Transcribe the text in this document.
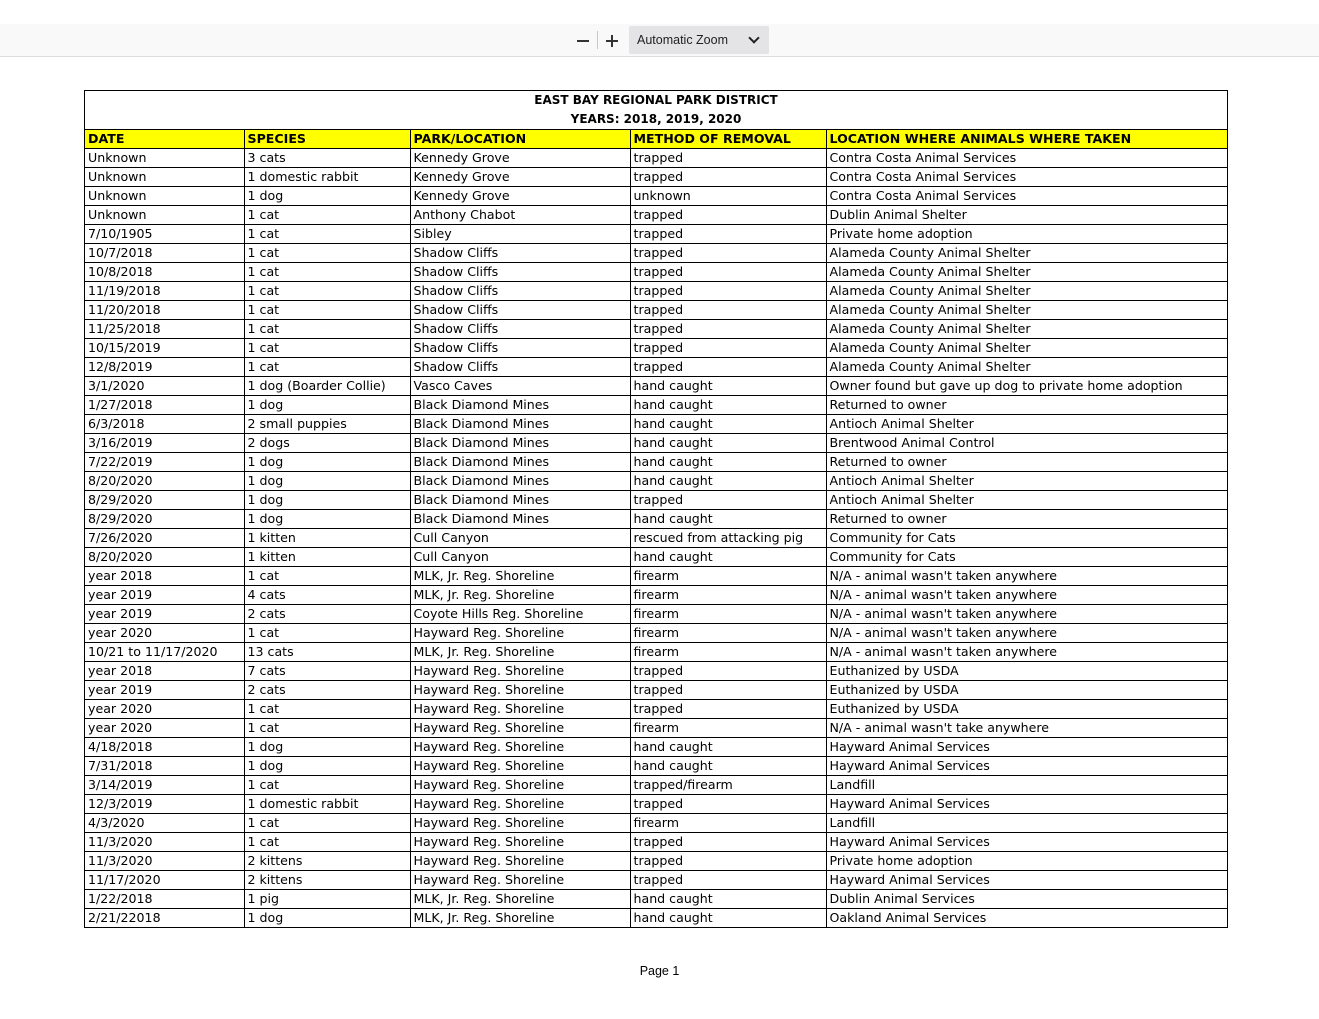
Automatic Zoom
EAST BAY REGIONAL PARK DISTRICT
YEARS: 2018, 2019, 2020
DATE	SPECIES	PARK/LOCATION	METHOD OF REMOVAL	LOCATION WHERE ANIMALS WHERE TAKEN
Unknown	3 cats	Kennedy Grove	trapped	Contra Costa Animal Services
Unknown	1 domestic rabbit	Kennedy Grove	trapped	Contra Costa Animal Services
Unknown	1 dog	Kennedy Grove	unknown	Contra Costa Animal Services
Unknown	1 cat	Anthony Chabot	trapped	Dublin Animal Shelter
7/10/1905	1 cat	Sibley	trapped	Private home adoption
10/7/2018	1 cat	Shadow Cliffs	trapped	Alameda County Animal Shelter
10/8/2018	1 cat	Shadow Cliffs	trapped	Alameda County Animal Shelter
11/19/2018	1 cat	Shadow Cliffs	trapped	Alameda County Animal Shelter
11/20/2018	1 cat	Shadow Cliffs	trapped	Alameda County Animal Shelter
11/25/2018	1 cat	Shadow Cliffs	trapped	Alameda County Animal Shelter
10/15/2019	1 cat	Shadow Cliffs	trapped	Alameda County Animal Shelter
12/8/2019	1 cat	Shadow Cliffs	trapped	Alameda County Animal Shelter
3/1/2020	1 dog (Boarder Collie)	Vasco Caves	hand caught	Owner found but gave up dog to private home adoption
1/27/2018	1 dog	Black Diamond Mines	hand caught	Returned to owner
6/3/2018	2 small puppies	Black Diamond Mines	hand caught	Antioch Animal Shelter
3/16/2019	2 dogs	Black Diamond Mines	hand caught	Brentwood Animal Control
7/22/2019	1 dog	Black Diamond Mines	hand caught	Returned to owner
8/20/2020	1 dog	Black Diamond Mines	hand caught	Antioch Animal Shelter
8/29/2020	1 dog	Black Diamond Mines	trapped	Antioch Animal Shelter
8/29/2020	1 dog	Black Diamond Mines	hand caught	Returned to owner
7/26/2020	1 kitten	Cull Canyon	rescued from attacking pig	Community for Cats
8/20/2020	1 kitten	Cull Canyon	hand caught	Community for Cats
year 2018	1 cat	MLK, Jr. Reg. Shoreline	firearm	N/A - animal wasn't taken anywhere
year 2019	4 cats	MLK, Jr. Reg. Shoreline	firearm	N/A - animal wasn't taken anywhere
year 2019	2 cats	Coyote Hills Reg. Shoreline	firearm	N/A - animal wasn't taken anywhere
year 2020	1 cat	Hayward Reg. Shoreline	firearm	N/A - animal wasn't taken anywhere
10/21 to 11/17/2020	13 cats	MLK, Jr. Reg. Shoreline	firearm	N/A - animal wasn't taken anywhere
year 2018	7 cats	Hayward Reg. Shoreline	trapped	Euthanized by USDA
year 2019	2 cats	Hayward Reg. Shoreline	trapped	Euthanized by USDA
year 2020	1 cat	Hayward Reg. Shoreline	trapped	Euthanized by USDA
year 2020	1 cat	Hayward Reg. Shoreline	firearm	N/A - animal wasn't take anywhere
4/18/2018	1 dog	Hayward Reg. Shoreline	hand caught	Hayward Animal Services
7/31/2018	1 dog	Hayward Reg. Shoreline	hand caught	Hayward Animal Services
3/14/2019	1 cat	Hayward Reg. Shoreline	trapped/firearm	Landfill
12/3/2019	1 domestic rabbit	Hayward Reg. Shoreline	trapped	Hayward Animal Services
4/3/2020	1 cat	Hayward Reg. Shoreline	firearm	Landfill
11/3/2020	1 cat	Hayward Reg. Shoreline	trapped	Hayward Animal Services
11/3/2020	2 kittens	Hayward Reg. Shoreline	trapped	Private home adoption
11/17/2020	2 kittens	Hayward Reg. Shoreline	trapped	Hayward Animal Services
1/22/2018	1 pig	MLK, Jr. Reg. Shoreline	hand caught	Dublin Animal Services
2/21/22018	1 dog	MLK, Jr. Reg. Shoreline	hand caught	Oakland Animal Services
Page 1
